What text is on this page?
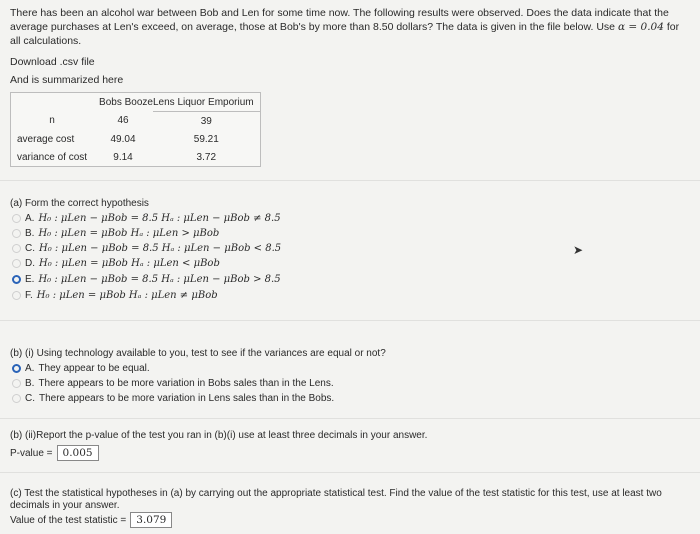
There has been an alcohol war between Bob and Len for some time now. The following results were observed. Does the data indicate that the average purchases at Len's exceed, on average, those at Bob's by more than 8.50 dollars? The data is given in the file below. Use α = 0.04 for all calculations.
Download .csv file
And is summarized here
	Bobs Booze	Lens Liquor Emporium
n	46	39
average cost	49.04	59.21
variance of cost	9.14	3.72
(a) Form the correct hypothesis
A. H₀ : μLen − μBob = 8.5 Hₐ : μLen − μBob ≠ 8.5
B. H₀ : μLen = μBob Hₐ : μLen > μBob
C. H₀ : μLen − μBob = 8.5 Hₐ : μLen − μBob < 8.5
D. H₀ : μLen = μBob Hₐ : μLen < μBob
E. H₀ : μLen − μBob = 8.5 Hₐ : μLen − μBob > 8.5
F. H₀ : μLen = μBob Hₐ : μLen ≠ μBob
➤
(b) (i) Using technology available to you, test to see if the variances are equal or not?
A. They appear to be equal.
B. There appears to be more variation in Bobs sales than in the Lens.
C. There appears to be more variation in Lens sales than in the Bobs.
(b) (ii)Report the p-value of the test you ran in (b)(i) use at least three decimals in your answer.
P-value = 0.005
(c) Test the statistical hypotheses in (a) by carrying out the appropriate statistical test. Find the value of the test statistic for this test, use at least two decimals in your answer.
Value of the test statistic = 3.079
